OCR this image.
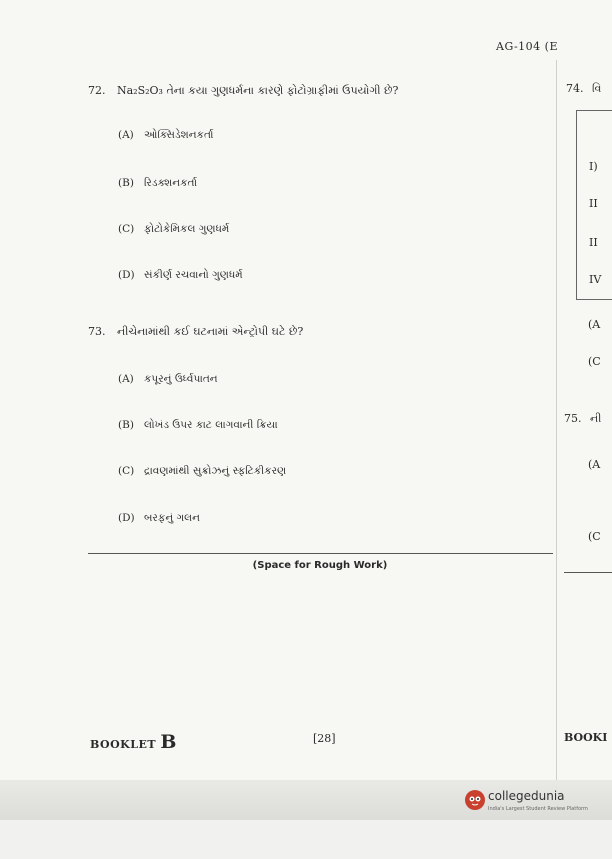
AG-104 (E
72. Na₂S₂O₃ તેના કયા ગુણધર્મના કારણે ફોટોગ્રાફીમાં ઉપયોગી છે?
(A) ઓક્સિડેશનકર્તા
(B) રિડક્શનકર્તા
(C) ફોટોકેમિકલ ગુણધર્મ
(D) સંકીર્ણ રચવાનો ગુણધર્મ
73. નીચેનામાંથી કઈ ઘટનામાં એન્ટ્રોપી ઘટે છે?
(A) કપૂરનું ઉર્ધ્વપાતન
(B) લોખંડ ઉપર કાટ લાગવાની ક્રિયા
(C) દ્રાવણમાંથી સુક્રોઝનું સ્ફટિકીકરણ
(D) બરફનું ગલન
(Space for Rough Work)
BOOKLET B	[28]
74. વિ
I)
II
II
IV
(A
(C
75. ની
(A
(C
BOOKI
collegedunia
India's Largest Student Review Platform
